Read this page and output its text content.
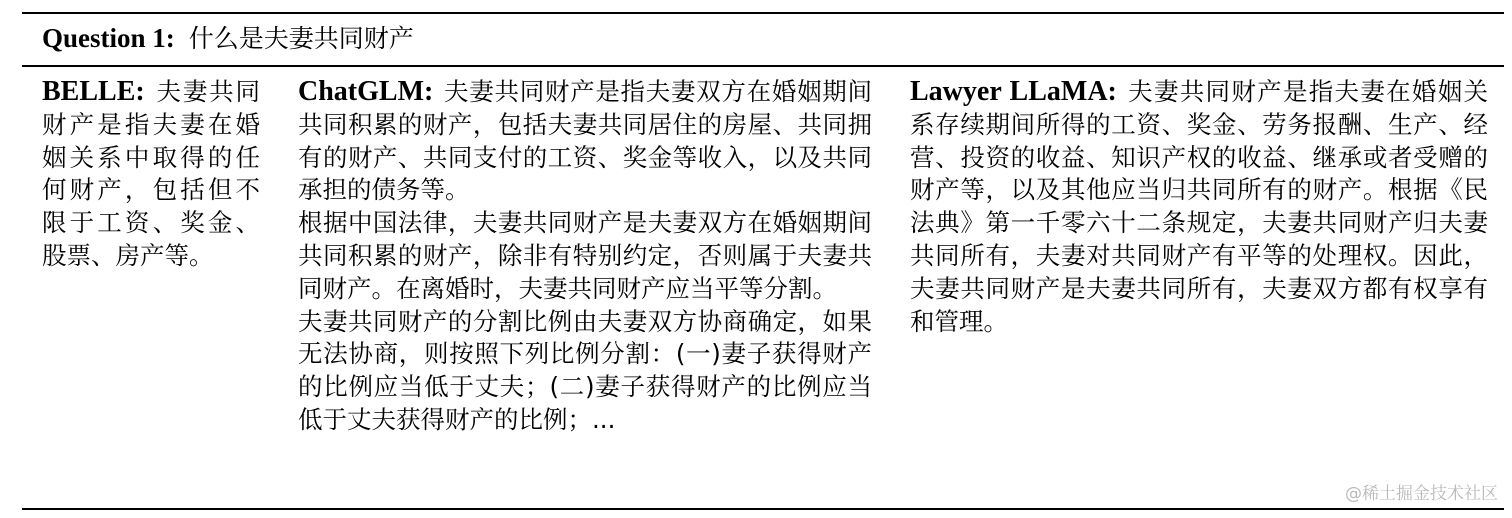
Question 1: 什么是夫妻共同财产
BELLE: 夫妻共同财产是指夫妻在婚姻关系中取得的任何财产，包括但不限于工资、奖金、股票、房产等。
ChatGLM: 夫妻共同财产是指夫妻双方在婚姻期间共同积累的财产，包括夫妻共同居住的房屋、共同拥有的财产、共同支付的工资、奖金等收入，以及共同承担的债务等。
根据中国法律，夫妻共同财产是夫妻双方在婚姻期间共同积累的财产，除非有特别约定，否则属于夫妻共同财产。在离婚时，夫妻共同财产应当平等分割。
夫妻共同财产的分割比例由夫妻双方协商确定，如果无法协商，则按照下列比例分割：(一)妻子获得财产的比例应当低于丈夫；(二)妻子获得财产的比例应当低于丈夫获得财产的比例；...
Lawyer LLaMA: 夫妻共同财产是指夫妻在婚姻关系存续期间所得的工资、奖金、劳务报酬、生产、经营、投资的收益、知识产权的收益、继承或者受赠的财产等，以及其他应当归共同所有的财产。根据《民法典》第一千零六十二条规定，夫妻共同财产归夫妻共同所有，夫妻对共同财产有平等的处理权。因此，夫妻共同财产是夫妻共同所有，夫妻双方都有权享有和管理。
@稀土掘金技术社区
